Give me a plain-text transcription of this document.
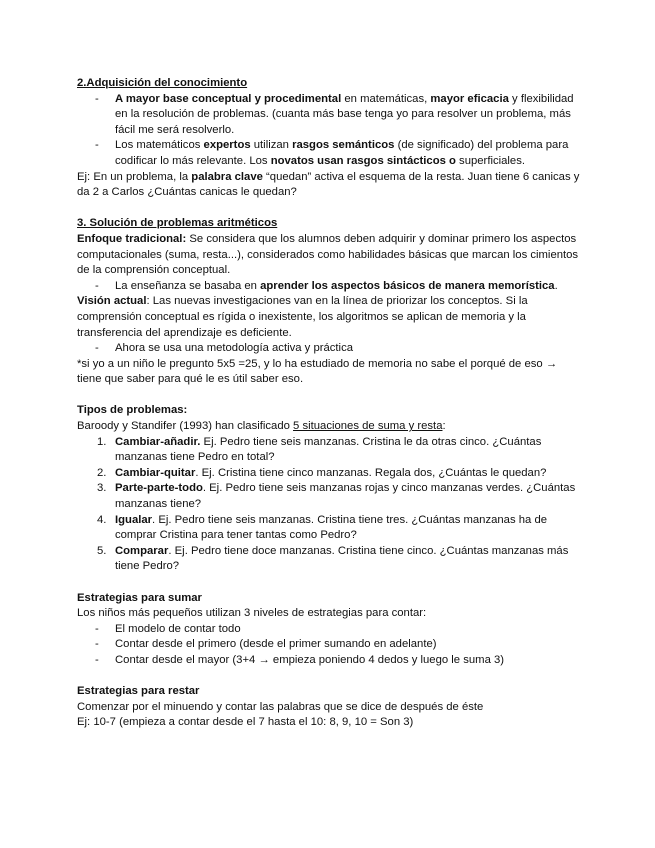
2.Adquisición del conocimiento

- A mayor base conceptual y procedimental en matemáticas, mayor eficacia y flexibilidad en la resolución de problemas. (cuanta más base tenga yo para resolver un problema, más fácil me será resolverlo.
- Los matemáticos expertos utilizan rasgos semánticos (de significado) del problema para codificar lo más relevante. Los novatos usan rasgos sintácticos o superficiales.

Ej: En un problema, la palabra clave “quedan” activa el esquema de la resta. Juan tiene 6 canicas y da 2 a Carlos ¿Cuántas canicas le quedan?

3. Solución de problemas aritméticos

Enfoque tradicional: Se considera que los alumnos deben adquirir y dominar primero los aspectos computacionales (suma, resta...), considerados como habilidades básicas que marcan los cimientos de la comprensión conceptual.

- La enseñanza se basaba en aprender los aspectos básicos de manera memorística.

Visión actual: Las nuevas investigaciones van en la línea de priorizar los conceptos. Si la comprensión conceptual es rígida o inexistente, los algoritmos se aplican de memoria y la transferencia del aprendizaje es deficiente.

- Ahora se usa una metodología activa y práctica

*si yo a un niño le pregunto 5x5 =25, y lo ha estudiado de memoria no sabe el porqué de eso → tiene que saber para qué le es útil saber eso.

Tipos de problemas:

Baroody y Standifer (1993) han clasificado 5 situaciones de suma y resta:

1. Cambiar-añadir. Ej. Pedro tiene seis manzanas. Cristina le da otras cinco. ¿Cuántas manzanas tiene Pedro en total?
2. Cambiar-quitar. Ej. Cristina tiene cinco manzanas. Regala dos, ¿Cuántas le quedan?
3. Parte-parte-todo. Ej. Pedro tiene seis manzanas rojas y cinco manzanas verdes. ¿Cuántas manzanas tiene?
4. Igualar. Ej. Pedro tiene seis manzanas. Cristina tiene tres. ¿Cuántas manzanas ha de comprar Cristina para tener tantas como Pedro?
5. Comparar. Ej. Pedro tiene doce manzanas. Cristina tiene cinco. ¿Cuántas manzanas más tiene Pedro?

Estrategias para sumar

Los niños más pequeños utilizan 3 niveles de estrategias para contar:

- El modelo de contar todo
- Contar desde el primero (desde el primer sumando en adelante)
- Contar desde el mayor (3+4 → empieza poniendo 4 dedos y luego le suma 3)

Estrategias para restar

Comenzar por el minuendo y contar las palabras que se dice de después de éste

Ej: 10-7 (empieza a contar desde el 7 hasta el 10: 8, 9, 10 = Son 3)
